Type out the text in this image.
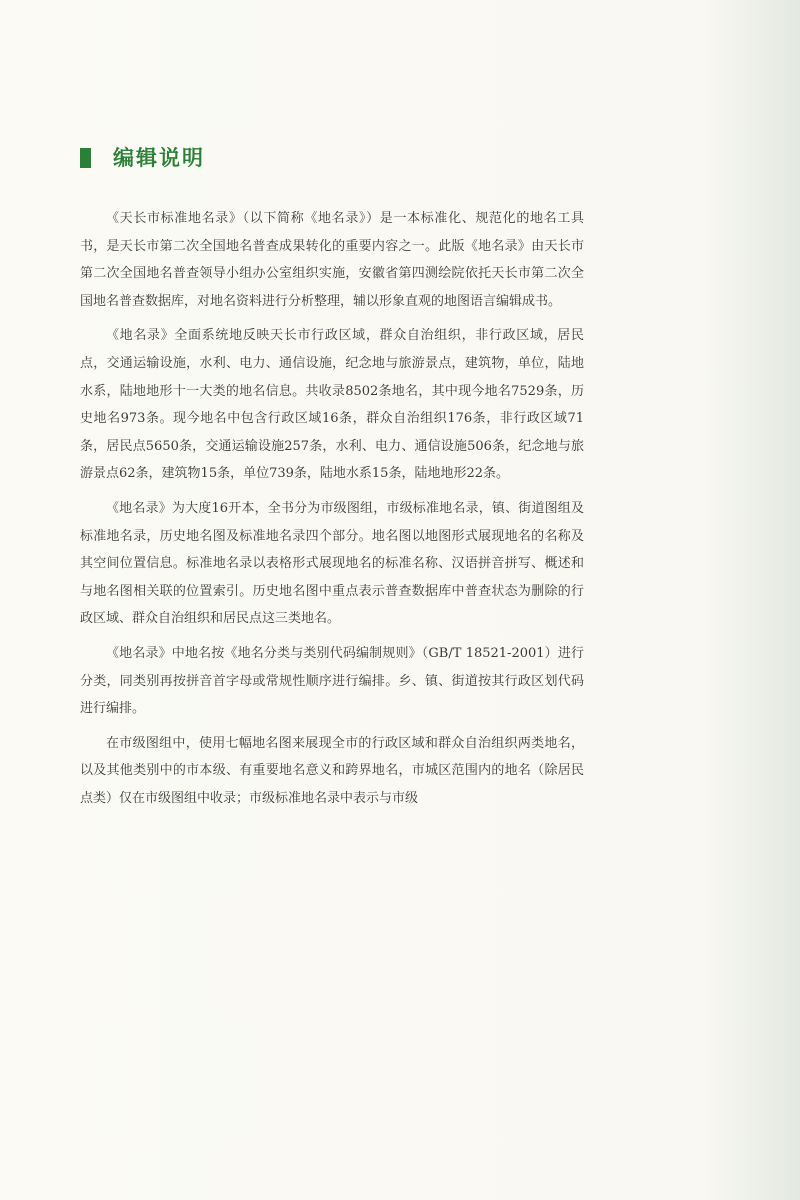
编辑说明

《天长市标准地名录》（以下简称《地名录》）是一本标准化、规范化的地名工具书，是天长市第二次全国地名普查成果转化的重要内容之一。此版《地名录》由天长市第二次全国地名普查领导小组办公室组织实施，安徽省第四测绘院依托天长市第二次全国地名普查数据库，对地名资料进行分析整理，辅以形象直观的地图语言编辑成书。

《地名录》全面系统地反映天长市行政区域，群众自治组织，非行政区域，居民点，交通运输设施，水利、电力、通信设施，纪念地与旅游景点，建筑物，单位，陆地水系，陆地地形十一大类的地名信息。共收录8502条地名，其中现今地名7529条，历史地名973条。现今地名中包含行政区域16条，群众自治组织176条，非行政区域71条，居民点5650条，交通运输设施257条，水利、电力、通信设施506条，纪念地与旅游景点62条，建筑物15条，单位739条，陆地水系15条，陆地地形22条。

《地名录》为大度16开本，全书分为市级图组，市级标准地名录，镇、街道图组及标准地名录，历史地名图及标准地名录四个部分。地名图以地图形式展现地名的名称及其空间位置信息。标准地名录以表格形式展现地名的标准名称、汉语拼音拼写、概述和与地名图相关联的位置索引。历史地名图中重点表示普查数据库中普查状态为删除的行政区域、群众自治组织和居民点这三类地名。

《地名录》中地名按《地名分类与类别代码编制规则》（GB/T 18521-2001）进行分类，同类别再按拼音首字母或常规性顺序进行编排。乡、镇、街道按其行政区划代码进行编排。

在市级图组中，使用七幅地名图来展现全市的行政区域和群众自治组织两类地名，以及其他类别中的市本级、有重要地名意义和跨界地名，市城区范围内的地名（除居民点类）仅在市级图组中收录；市级标准地名录中表示与市级
